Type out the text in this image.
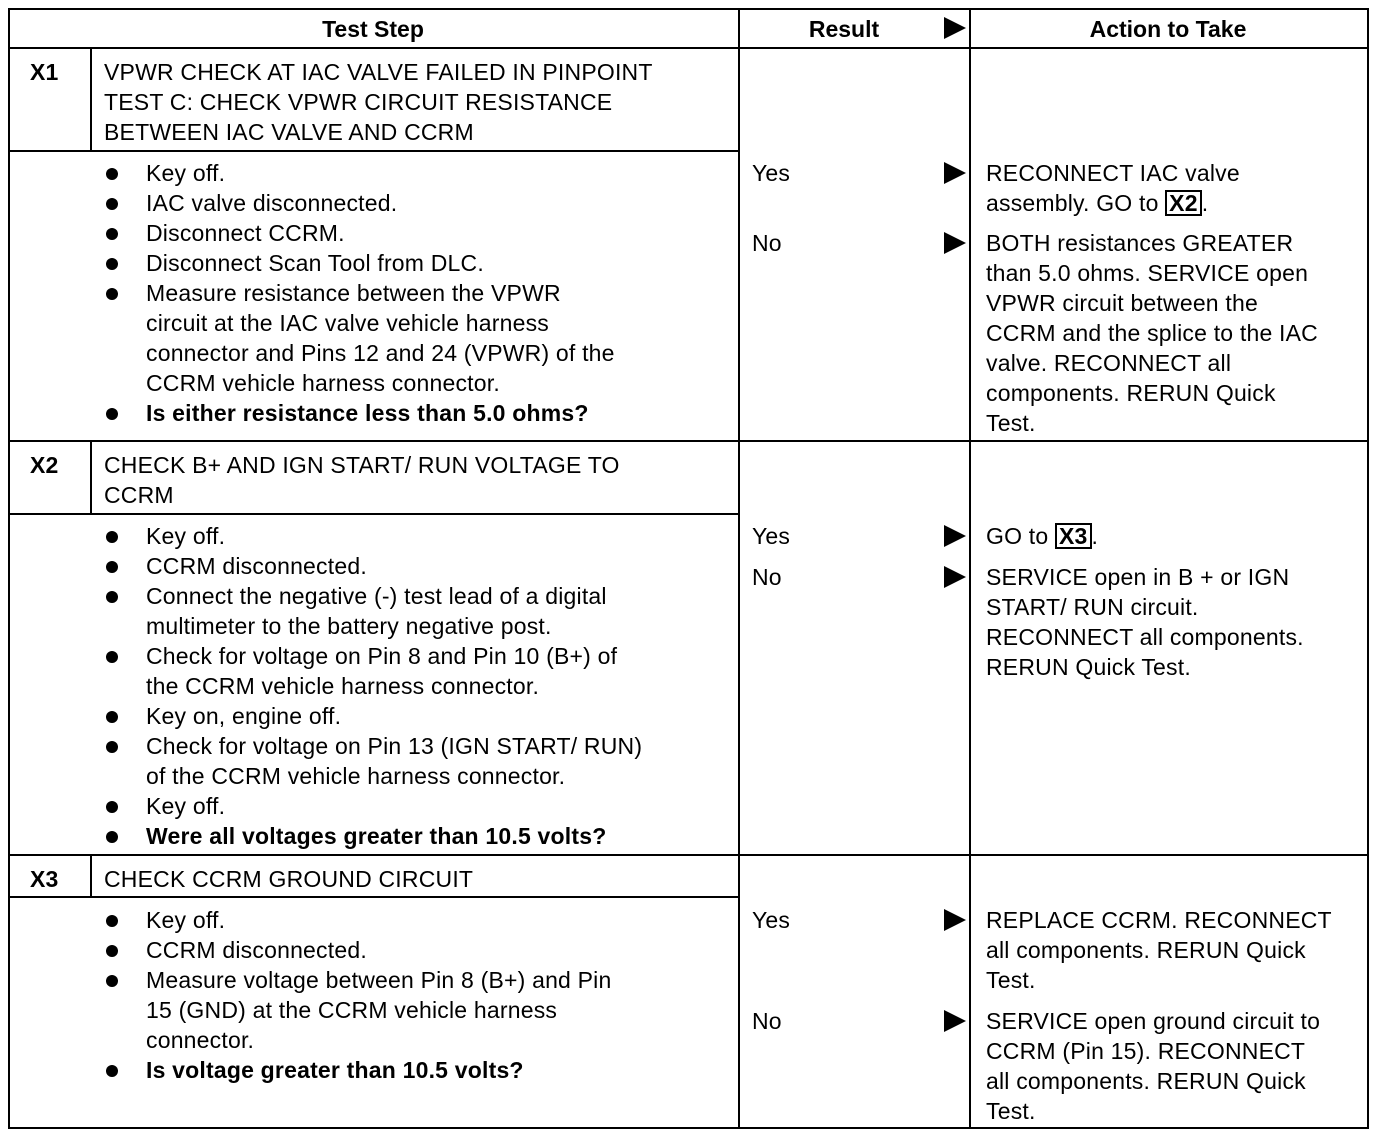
Test Step	Result	Action to Take
X1 VPWR CHECK AT IAC VALVE FAILED IN PINPOINT
TEST C: CHECK VPWR CIRCUIT RESISTANCE
BETWEEN IAC VALVE AND CCRM
Key off.
IAC valve disconnected.
Disconnect CCRM.
Disconnect Scan Tool from DLC.
Measure resistance between the VPWR
circuit at the IAC valve vehicle harness
connector and Pins 12 and 24 (VPWR) of the
CCRM vehicle harness connector.
Is either resistance less than 5.0 ohms?
Yes	RECONNECT IAC valve
assembly. GO to X2 .
No	BOTH resistances GREATER
than 5.0 ohms. SERVICE open
VPWR circuit between the
CCRM and the splice to the IAC
valve. RECONNECT all
components. RERUN Quick
Test.
X2 CHECK B+ AND IGN START/ RUN VOLTAGE TO
CCRM
Key off.
CCRM disconnected.
Connect the negative (-) test lead of a digital
multimeter to the battery negative post.
Check for voltage on Pin 8 and Pin 10 (B+) of
the CCRM vehicle harness connector.
Key on, engine off.
Check for voltage on Pin 13 (IGN START/ RUN)
of the CCRM vehicle harness connector.
Key off.
Were all voltages greater than 10.5 volts?
Yes	GO to X3 .
No	SERVICE open in B + or IGN
START/ RUN circuit.
RECONNECT all components.
RERUN Quick Test.
X3 CHECK CCRM GROUND CIRCUIT
Key off.
CCRM disconnected.
Measure voltage between Pin 8 (B+) and Pin
15 (GND) at the CCRM vehicle harness
connector.
Is voltage greater than 10.5 volts?
Yes	REPLACE CCRM. RECONNECT
all components. RERUN Quick
Test.
No	SERVICE open ground circuit to
CCRM (Pin 15). RECONNECT
all components. RERUN Quick
Test.
